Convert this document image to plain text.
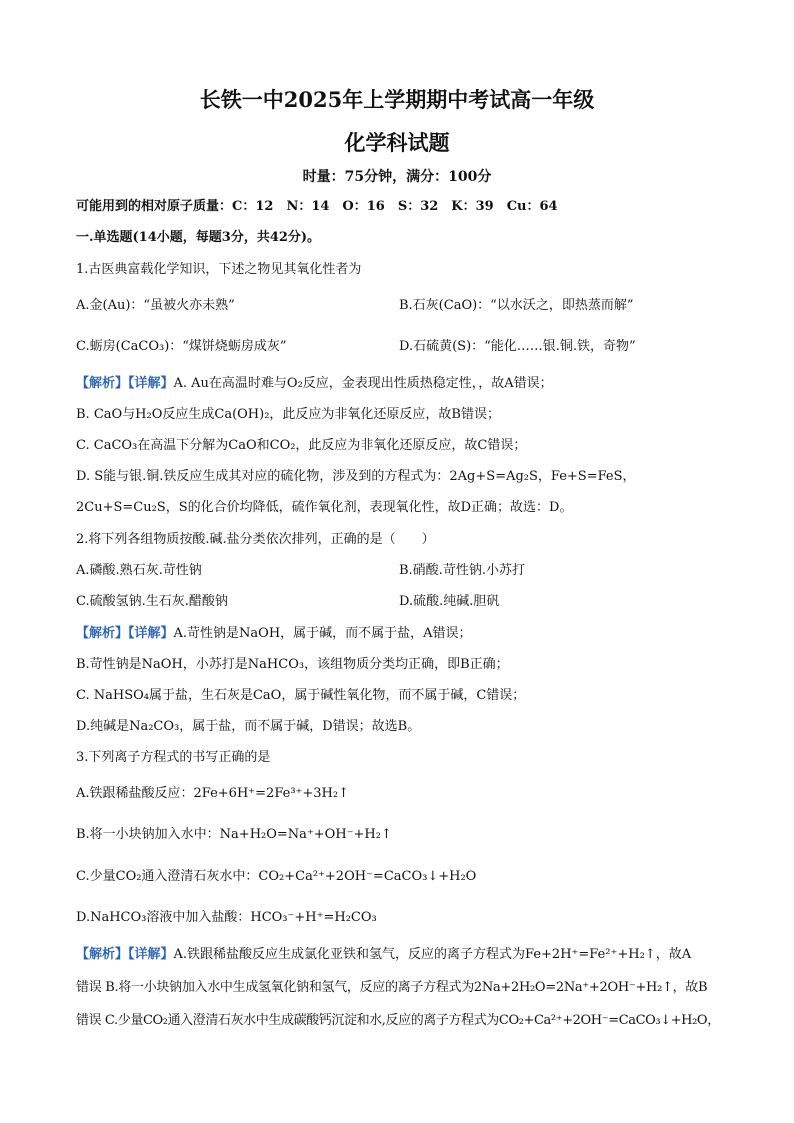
长铁一中2025年上学期期中考试高一年级
化学科试题
时量：75分钟，满分：100分
可能用到的相对原子质量：C：12　N：14　O：16　S：32　K：39　Cu：64
一.单选题(14小题，每题3分，共42分)。
1.古医典富载化学知识，下述之物见其氧化性者为
A.金(Au)：“虽被火亦未熟”	B.石灰(CaO)：“以水沃之，即热蒸而解”
C.蛎房(CaCO₃)：“煤饼烧蛎房成灰”	D.石硫黄(S)：“能化……银.铜.铁，奇物”
【解析】【详解】A. Au在高温时难与O₂反应，金表现出性质热稳定性，，故A错误；
B. CaO与H₂O反应生成Ca(OH)₂，此反应为非氧化还原反应，故B错误；
C. CaCO₃在高温下分解为CaO和CO₂，此反应为非氧化还原反应，故C错误；
D. S能与银.铜.铁反应生成其对应的硫化物，涉及到的方程式为：2Ag+S=Ag₂S，Fe+S=FeS，
2Cu+S=Cu₂S，S的化合价均降低，硫作氧化剂，表现氧化性，故D正确；故选：D。
2.将下列各组物质按酸.碱.盐分类依次排列，正确的是（　　）
A.磷酸.熟石灰.苛性钠	B.硝酸.苛性钠.小苏打
C.硫酸氢钠.生石灰.醋酸钠	D.硫酸.纯碱.胆矾
【解析】【详解】A.苛性钠是NaOH，属于碱，而不属于盐，A错误；
B.苛性钠是NaOH，小苏打是NaHCO₃，该组物质分类均正确，即B正确；
C. NaHSO₄属于盐，生石灰是CaO，属于碱性氧化物，而不属于碱，C错误；
D.纯碱是Na₂CO₃，属于盐，而不属于碱，D错误；故选B。
3.下列离子方程式的书写正确的是
A.铁跟稀盐酸反应：2Fe+6H⁺=2Fe³⁺+3H₂↑
B.将一小块钠加入水中：Na+H₂O=Na⁺+OH⁻+H₂↑
C.少量CO₂通入澄清石灰水中：CO₂+Ca²⁺+2OH⁻=CaCO₃↓+H₂O
D.NaHCO₃溶液中加入盐酸：HCO₃⁻+H⁺=H₂CO₃
【解析】【详解】A.铁跟稀盐酸反应生成氯化亚铁和氢气，反应的离子方程式为Fe+2H⁺=Fe²⁺+H₂↑，故A
错误 B.将一小块钠加入水中生成氢氧化钠和氢气，反应的离子方程式为2Na+2H₂O=2Na⁺+2OH⁻+H₂↑，故B
错误 C.少量CO₂通入澄清石灰水中生成碳酸钙沉淀和水,反应的离子方程式为CO₂+Ca²⁺+2OH⁻=CaCO₃↓+H₂O，
